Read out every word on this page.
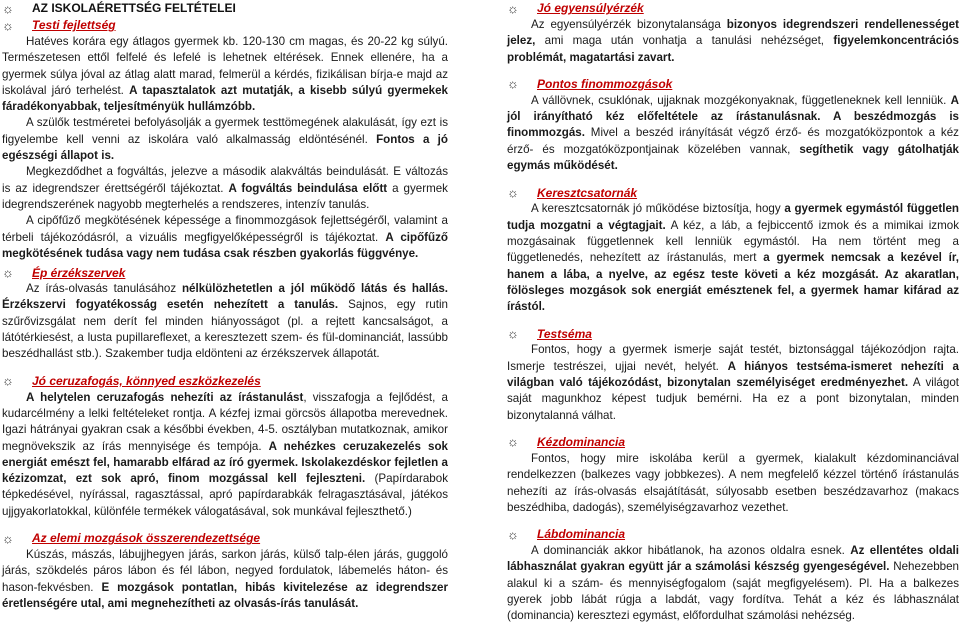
☼	AZ ISKOLAÉRETTSÉG FELTÉTELEI
☼	Testi fejlettség

Hatéves korára egy átlagos gyermek kb. 120-130 cm magas, és 20-22 kg súlyú. Természetesen ettől felfelé és lefelé is lehetnek eltérések. Ennek ellenére, ha a gyermek súlya jóval az átlag alatt marad, felmerül a kérdés, fizikálisan bírja-e majd az iskolával járó terhelést. A tapasztalatok azt mutatják, a kisebb súlyú gyermekek fáradékonyabbak, teljesítményük hullámzóbb.

A szülők testméretei befolyásolják a gyermek testtömegének alakulását, így ezt is figyelembe kell venni az iskolára való alkalmasság eldöntésénél. Fontos a jó egészségi állapot is.

Megkezdődhet a fogváltás, jelezve a második alakváltás beindulását. E változás is az idegrendszer érettségéről tájékoztat. A fogváltás beindulása előtt a gyermek idegrendszerének nagyobb megterhelés a rendszeres, intenzív tanulás.

A cipőfűző megkötésének képessége a finommozgások fejlettségéről, valamint a térbeli tájékozódásról, a vizuális megfigyelőképességről is tájékoztat. A cipőfűző megkötésének tudása vagy nem tudása csak részben gyakorlás függvénye.

☼	Ép érzékszervek

Az írás-olvasás tanulásához nélkülözhetetlen a jól működő látás és hallás. Érzékszervi fogyatékosság esetén nehezített a tanulás. Sajnos, egy rutin szűrővizsgálat nem derít fel minden hiányosságot (pl. a rejtett kancsalságot, a látótérkiesést, a lusta pupillareflexet, a keresztezett szem- és fül-dominanciát, lassúbb beszédhallást stb.). Szakember tudja eldönteni az érzékszervek állapotát.

☼	Jó ceruzafogás, könnyed eszközkezelés

A helytelen ceruzafogás nehezíti az írástanulást, visszafogja a fejlődést, a kudarcélmény a lelki feltételeket rontja. A kézfej izmai görcsös állapotba merevednek. Igazi hátrányai gyakran csak a későbbi években, 4-5. osztályban mutatkoznak, amikor megnövekszik az írás mennyisége és tempója. A nehézkes ceruzakezelés sok energiát emészt fel, hamarabb elfárad az író gyermek. Iskolakezdéskor fejletlen a kézizomzat, ezt sok apró, finom mozgással kell fejleszteni. (Papírdarabok tépkedésével, nyírással, ragasztással, apró papírdarabkák felragasztásával, játékos ujjgyakorlatokkal, különféle termékek válogatásával, sok munkával fejleszthető.)

☼	Az elemi mozgások összerendezettsége

Kúszás, mászás, lábujjhegyen járás, sarkon járás, külső talp-élen járás, guggoló járás, szökdelés páros lábon és fél lábon, negyed fordulatok, lábemelés háton- és hason-fekvésben. E mozgások pontatlan, hibás kivitelezése az idegrendszer éretlenségére utal, ami megnehezítheti az olvasás-írás tanulását.

☼	Jó egyensúlyérzék

Az egyensúlyérzék bizonytalansága bizonyos idegrendszeri rendellenességet jelez, ami maga után vonhatja a tanulási nehézséget, figyelemkoncentrációs problémát, magatartási zavart.

☼	Pontos finommozgások

A vállövnek, csuklónak, ujjaknak mozgékonyaknak, függetleneknek kell lenniük. A jól irányítható kéz előfeltétele az írástanulásnak. A beszédmozgás is finommozgás. Mivel a beszéd irányítását végző érző- és mozgatóközpontok a kéz érző- és mozgatóközpontjainak közelében vannak, segíthetik vagy gátolhatják egymás működését.

☼	Keresztcsatornák

A keresztcsatornák jó működése biztosítja, hogy a gyermek egymástól független tudja mozgatni a végtagjait. A kéz, a láb, a fejbiccentő izmok és a mimikai izmok mozgásainak függetlennek kell lenniük egymástól. Ha nem történt meg a függetlenedés, nehezített az írástanulás, mert a gyermek nemcsak a kezével ír, hanem a lába, a nyelve, az egész teste követi a kéz mozgását. Az akaratlan, fölösleges mozgások sok energiát emésztenek fel, a gyermek hamar kifárad az írástól.

☼	Testséma

Fontos, hogy a gyermek ismerje saját testét, biztonsággal tájékozódjon rajta. Ismerje testrészei, ujjai nevét, helyét. A hiányos testséma-ismeret nehezíti a világban való tájékozódást, bizonytalan személyiséget eredményezhet. A világot saját magunkhoz képest tudjuk bemérni. Ha ez a pont bizonytalan, minden bizonytalanná válhat.

☼	Kézdominancia

Fontos, hogy mire iskolába kerül a gyermek, kialakult kézdominanciával rendelkezzen (balkezes vagy jobbkezes). A nem megfelelő kézzel történő írástanulás nehezíti az írás-olvasás elsajátítását, súlyosabb esetben beszédzavarhoz (makacs beszédhiba, dadogás), személyiségzavarhoz vezethet.

☼	Lábdominancia

A dominanciák akkor hibátlanok, ha azonos oldalra esnek. Az ellentétes oldali lábhasználat gyakran együtt jár a számolási készség gyengeségével. Nehezebben alakul ki a szám- és mennyiségfogalom (saját megfigyelésem). Pl. Ha a balkezes gyerek jobb lábát rúgja a labdát, vagy fordítva. Tehát a kéz és lábhasználat (dominancia) keresztezi egymást, előfordulhat számolási nehézség.
